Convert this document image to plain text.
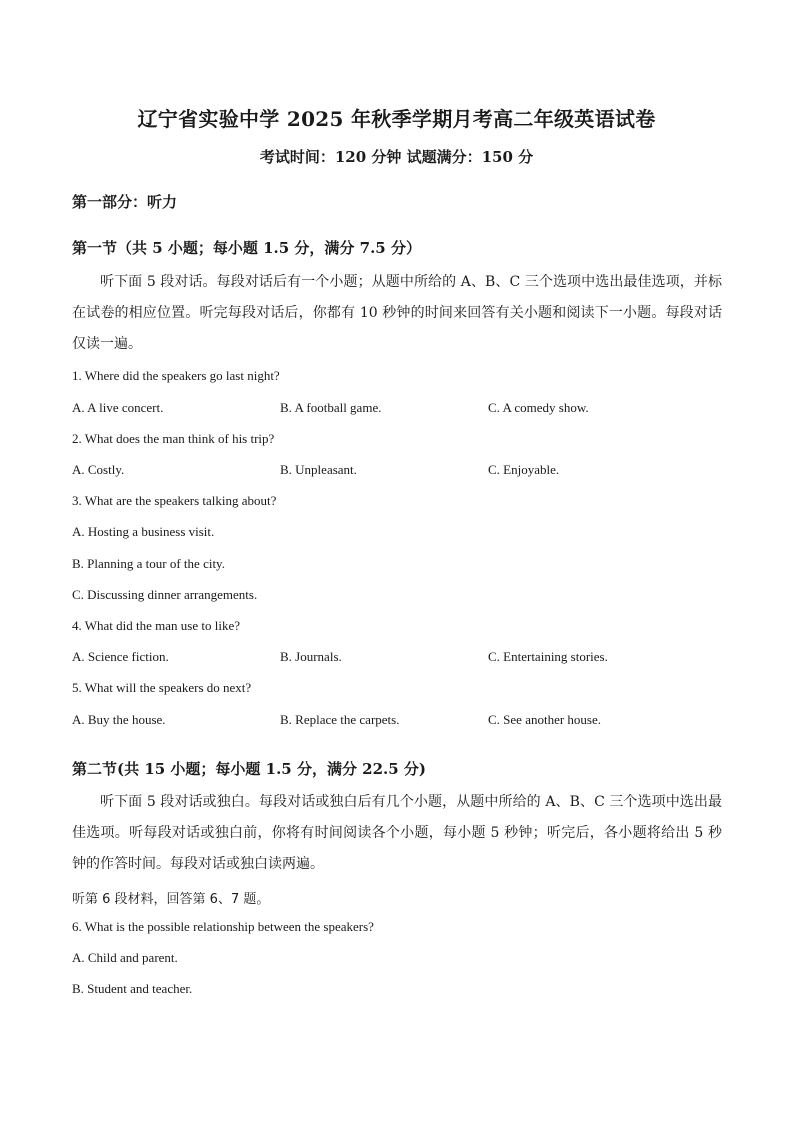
辽宁省实验中学 2025 年秋季学期月考高二年级英语试卷
考试时间：120 分钟 试题满分：150 分
第一部分：听力
第一节（共 5 小题；每小题 1.5 分，满分 7.5 分）

听下面 5 段对话。每段对话后有一个小题；从题中所给的 A、B、C 三个选项中选出最佳选项，并标在试卷的相应位置。听完每段对话后，你都有 10 秒钟的时间来回答有关小题和阅读下一小题。每段对话仅读一遍。

1. Where did the speakers go last night?
A. A live concert.	B. A football game.	C. A comedy show.
2. What does the man think of his trip?
A. Costly.	B. Unpleasant.	C. Enjoyable.
3. What are the speakers talking about?
A. Hosting a business visit.
B. Planning a tour of the city.
C. Discussing dinner arrangements.
4. What did the man use to like?
A. Science fiction.	B. Journals.	C. Entertaining stories.
5. What will the speakers do next?
A. Buy the house.	B. Replace the carpets.	C. See another house.
第二节(共 15 小题；每小题 1.5 分，满分 22.5 分)

听下面 5 段对话或独白。每段对话或独白后有几个小题，从题中所给的 A、B、C 三个选项中选出最佳选项。听每段对话或独白前，你将有时间阅读各个小题，每小题 5 秒钟；听完后，各小题将给出 5 秒钟的作答时间。每段对话或独白读两遍。

听第 6 段材料，回答第 6、7 题。
6. What is the possible relationship between the speakers?
A. Child and parent.
B. Student and teacher.
